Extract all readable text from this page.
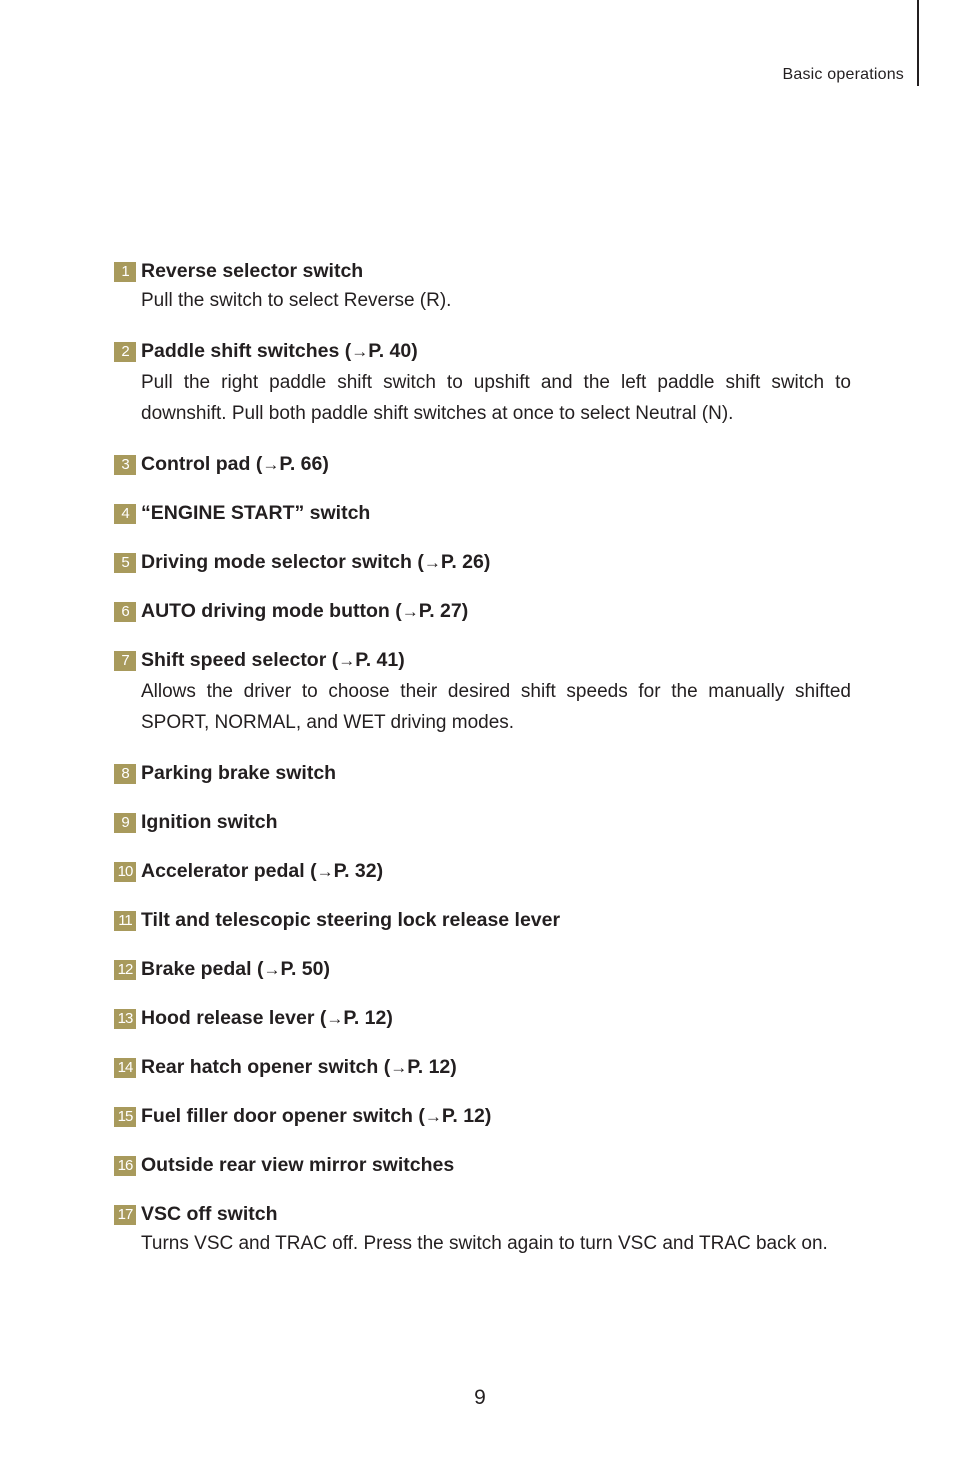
Basic operations
1 Reverse selector switch
Pull the switch to select Reverse (R).
2 Paddle shift switches (→P. 40)
Pull the right paddle shift switch to upshift and the left paddle shift switch to downshift. Pull both paddle shift switches at once to select Neutral (N).
3 Control pad (→P. 66)
4 “ENGINE START” switch
5 Driving mode selector switch (→P. 26)
6 AUTO driving mode button (→P. 27)
7 Shift speed selector (→P. 41)
Allows the driver to choose their desired shift speeds for the manually shifted SPORT, NORMAL, and WET driving modes.
8 Parking brake switch
9 Ignition switch
10 Accelerator pedal (→P. 32)
11 Tilt and telescopic steering lock release lever
12 Brake pedal (→P. 50)
13 Hood release lever (→P. 12)
14 Rear hatch opener switch (→P. 12)
15 Fuel filler door opener switch (→P. 12)
16 Outside rear view mirror switches
17 VSC off switch
Turns VSC and TRAC off. Press the switch again to turn VSC and TRAC back on.
9
